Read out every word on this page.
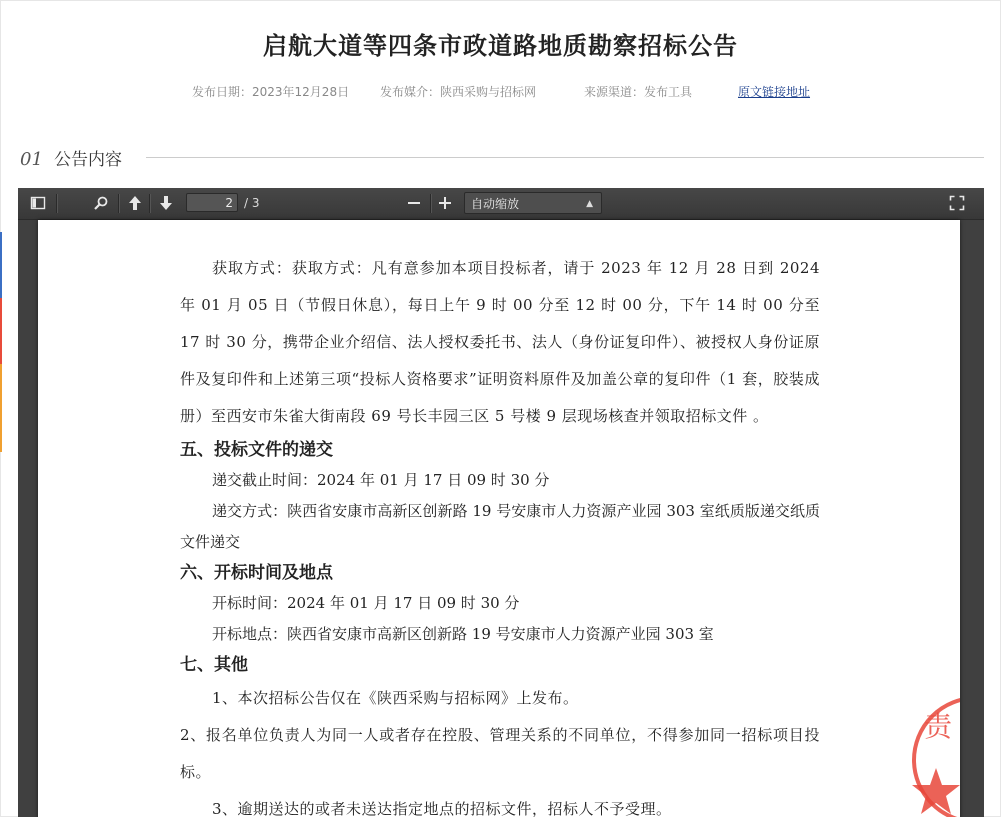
启航大道等四条市政道路地质勘察招标公告
发布日期：2023年12月28日	发布媒介：陕西采购与招标网	来源渠道：发布工具	原文链接地址
01 公告内容
2 / 3	自动缩放	▲

获取方式：获取方式：凡有意参加本项目投标者，请于 2023 年 12 月 28 日到 2024 年 01 月 05 日（节假日休息），每日上午 9 时 00 分至 12 时 00 分，下午 14 时 00 分至 17 时 30 分，携带企业介绍信、法人授权委托书、法人（身份证复印件）、被授权人身份证原件及复印件和上述第三项“投标人资格要求”证明资料原件及加盖公章的复印件（1 套，胶装成册）至西安市朱雀大街南段 69 号长丰园三区 5 号楼 9 层现场核查并领取招标文件 。

五、投标文件的递交

递交截止时间：2024 年 01 月 17 日 09 时 30 分

递交方式：陕西省安康市高新区创新路 19 号安康市人力资源产业园 303 室纸质版递交纸质文件递交

六、开标时间及地点

开标时间：2024 年 01 月 17 日 09 时 30 分

开标地点：陕西省安康市高新区创新路 19 号安康市人力资源产业园 303 室

七、其他

1、本次招标公告仅在《陕西采购与招标网》上发布。

2、报名单位负责人为同一人或者存在控股、管理关系的不同单位，不得参加同一招标项目投标。

3、逾期送达的或者未送达指定地点的招标文件，招标人不予受理。

责
